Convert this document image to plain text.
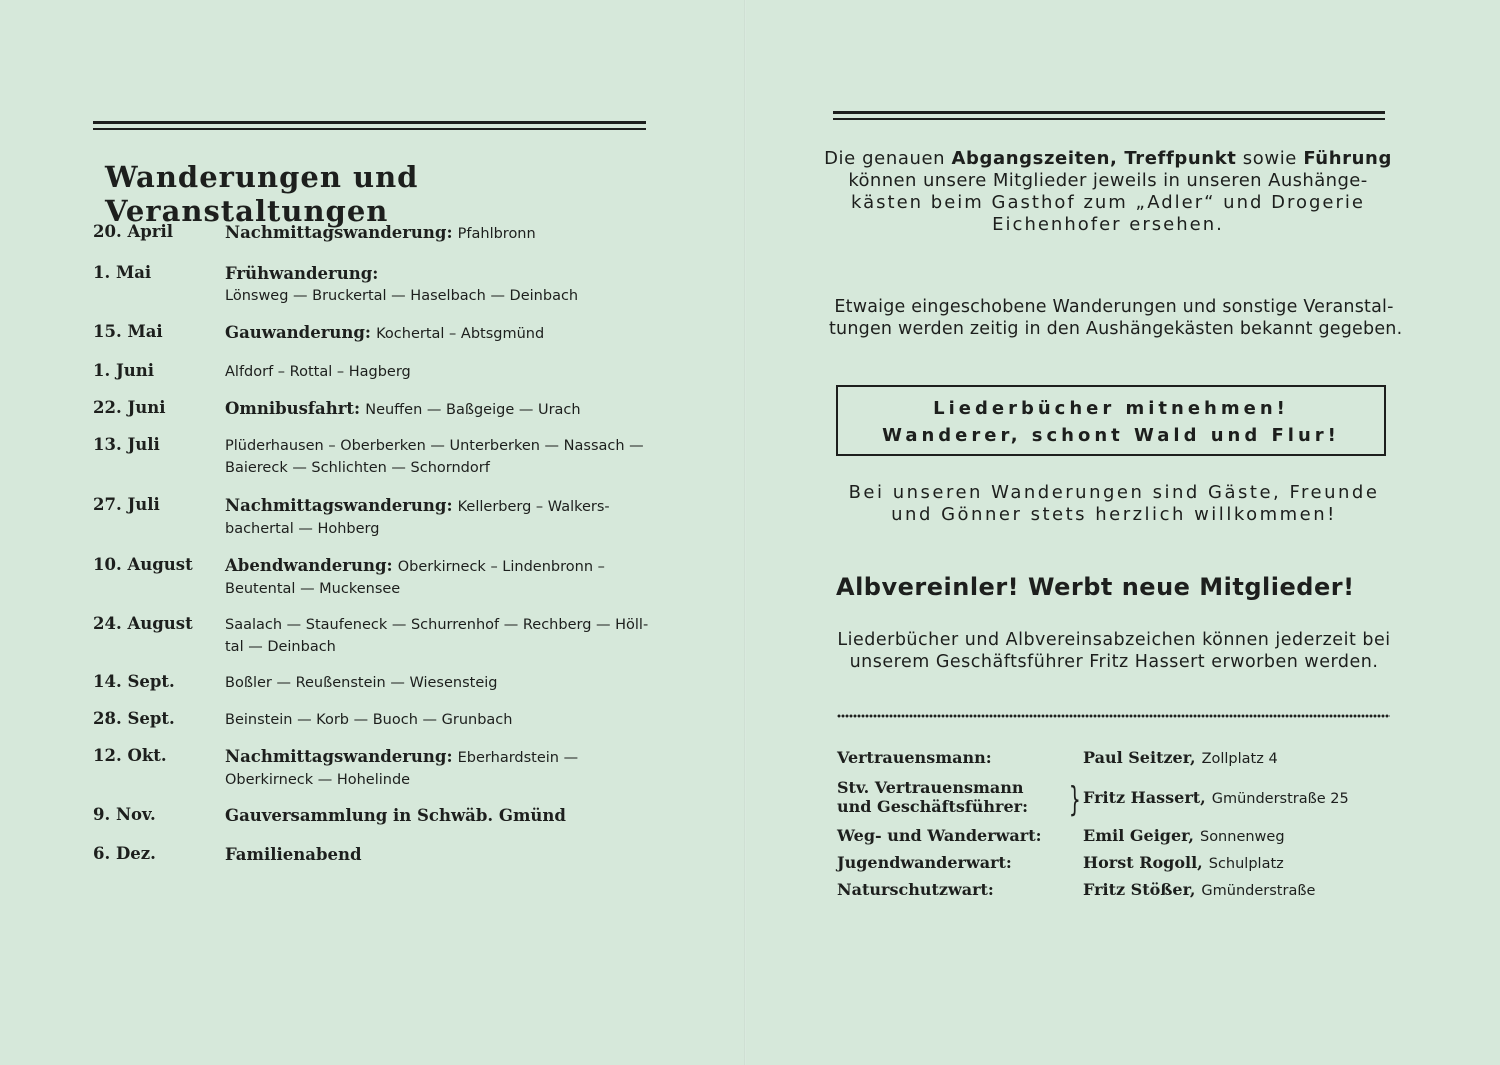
Wanderungen und Veranstaltungen
20. April	Nachmittagswanderung: Pfahlbronn
1. Mai	Frühwanderung:
Lönsweg — Bruckertal — Haselbach — Deinbach
15. Mai	Gauwanderung: Kochertal – Abtsgmünd
1. Juni	Alfdorf – Rottal – Hagberg
22. Juni	Omnibusfahrt: Neuffen — Baßgeige — Urach
13. Juli	Plüderhausen – Oberberken — Unterberken — Nassach —
Baiereck — Schlichten — Schorndorf
27. Juli	Nachmittagswanderung: Kellerberg – Walkers-
bachertal — Hohberg
10. August	Abendwanderung: Oberkirneck – Lindenbronn –
Beutental — Muckensee
24. August	Saalach — Staufeneck — Schurrenhof — Rechberg — Höll-
tal — Deinbach
14. Sept.	Boßler — Reußenstein — Wiesensteig
28. Sept.	Beinstein — Korb — Buoch — Grunbach
12. Okt.	Nachmittagswanderung: Eberhardstein —
Oberkirneck — Hohelinde
9. Nov.	Gauversammlung in Schwäb. Gmünd
6. Dez.	Familienabend

Die genauen Abgangszeiten, Treffpunkt sowie Führung

können unsere Mitglieder jeweils in unseren Aushänge-

kästen beim Gasthof zum „Adler“ und Drogerie

Eichenhofer ersehen.

Etwaige eingeschobene Wanderungen und sonstige Veranstal-

tungen werden zeitig in den Aushängekästen bekannt gegeben.

Liederbücher mitnehmen!
Wanderer, schont Wald und Flur!

Bei unseren Wanderungen sind Gäste, Freunde

und Gönner stets herzlich willkommen!

Albvereinler! Werbt neue Mitglieder!

Liederbücher und Albvereinsabzeichen können jederzeit bei

unserem Geschäftsführer Fritz Hassert erworben werden.

Vertrauensmann:	Paul Seitzer, Zollplatz 4
Stv. Vertrauensmann
und Geschäftsführer:	} Fritz Hassert, Gmünderstraße 25
Weg- und Wanderwart:	Emil Geiger, Sonnenweg
Jugendwanderwart:	Horst Rogoll, Schulplatz
Naturschutzwart:	Fritz Stößer, Gmünderstraße
